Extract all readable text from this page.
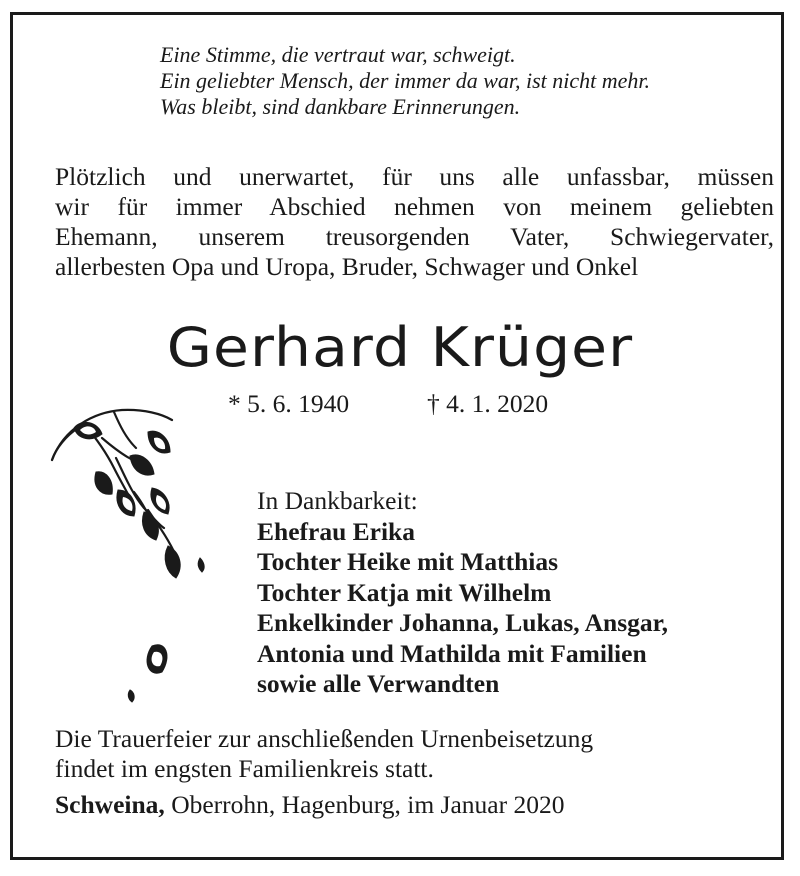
Eine Stimme, die vertraut war, schweigt.
Ein geliebter Mensch, der immer da war, ist nicht mehr.
Was bleibt, sind dankbare Erinnerungen.
Plötzlich und unerwartet, für uns alle unfassbar, müssen
wir für immer Abschied nehmen von meinem geliebten
Ehemann, unserem treusorgenden Vater, Schwiegervater,
allerbesten Opa und Uropa, Bruder, Schwager und Onkel
Gerhard Krüger
* 5. 6. 1940	† 4. 1. 2020
In Dankbarkeit:
Ehefrau Erika
Tochter Heike mit Matthias
Tochter Katja mit Wilhelm
Enkelkinder Johanna, Lukas, Ansgar,
Antonia und Mathilda mit Familien
sowie alle Verwandten
Die Trauerfeier zur anschließenden Urnenbeisetzung
findet im engsten Familienkreis statt.
Schweina, Oberrohn, Hagenburg, im Januar 2020
